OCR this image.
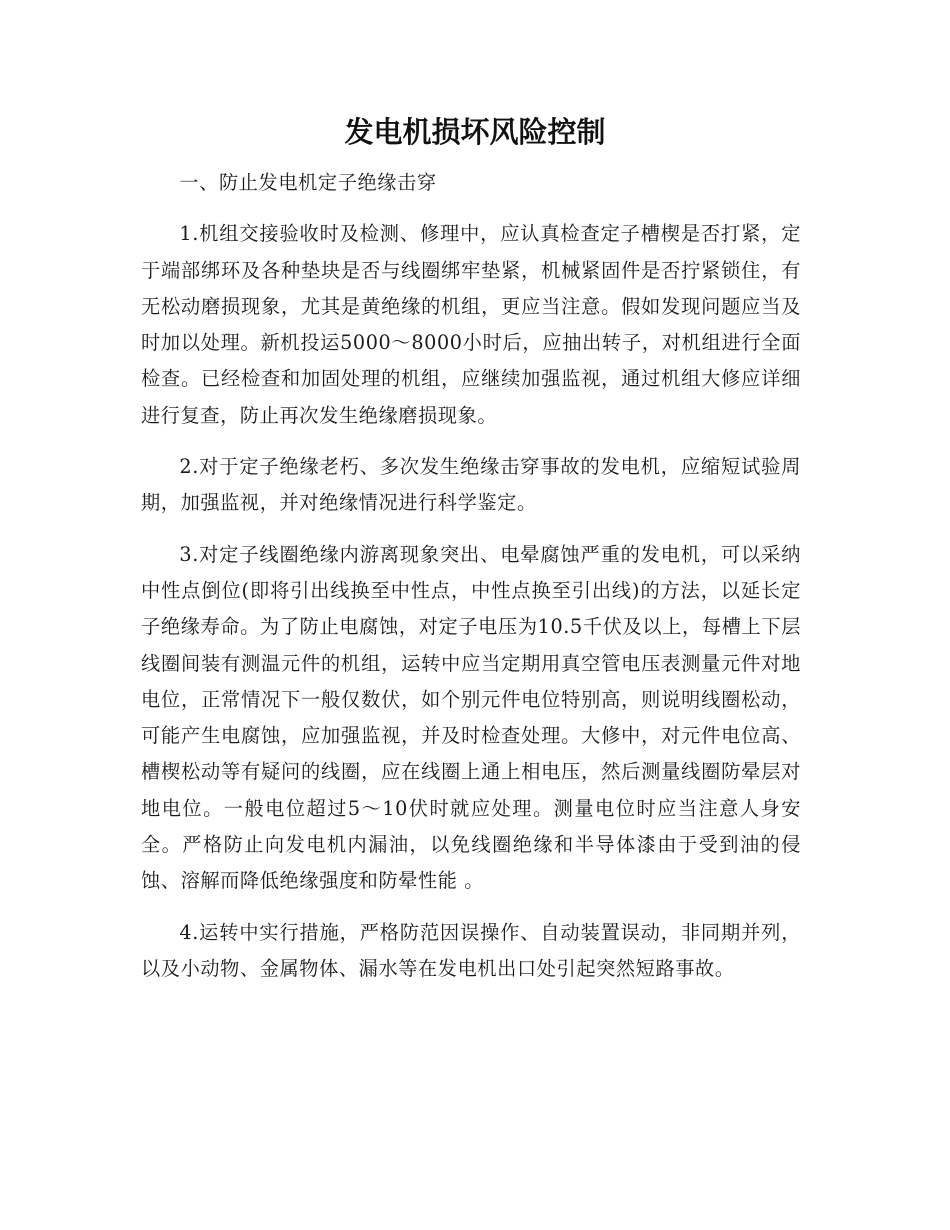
发电机损坏风险控制

一、防止发电机定子绝缘击穿

1.机组交接验收时及检测、修理中，应认真检查定子槽楔是否打紧，定于端部绑环及各种垫块是否与线圈绑牢垫紧，机械紧固件是否拧紧锁住，有无松动磨损现象，尤其是黄绝缘的机组，更应当注意。假如发现问题应当及时加以处理。新机投运5000～8000小时后，应抽出转子，对机组进行全面检查。已经检查和加固处理的机组，应继续加强监视，通过机组大修应详细进行复查，防止再次发生绝缘磨损现象。

2.对于定子绝缘老朽、多次发生绝缘击穿事故的发电机，应缩短试验周期，加强监视，并对绝缘情况进行科学鉴定。

3.对定子线圈绝缘内游离现象突出、电晕腐蚀严重的发电机，可以采纳中性点倒位(即将引出线换至中性点，中性点换至引出线)的方法，以延长定子绝缘寿命。为了防止电腐蚀，对定子电压为10.5千伏及以上，每槽上下层线圈间装有测温元件的机组，运转中应当定期用真空管电压表测量元件对地电位，正常情况下一般仅数伏，如个别元件电位特别高，则说明线圈松动，可能产生电腐蚀，应加强监视，并及时检查处理。大修中，对元件电位高、槽楔松动等有疑问的线圈，应在线圈上通上相电压，然后测量线圈防晕层对地电位。一般电位超过5～10伏时就应处理。测量电位时应当注意人身安全。严格防止向发电机内漏油，以免线圈绝缘和半导体漆由于受到油的侵蚀、溶解而降低绝缘强度和防晕性能 。

4.运转中实行措施，严格防范因误操作、自动装置误动，非同期并列，以及小动物、金属物体、漏水等在发电机出口处引起突然短路事故。
